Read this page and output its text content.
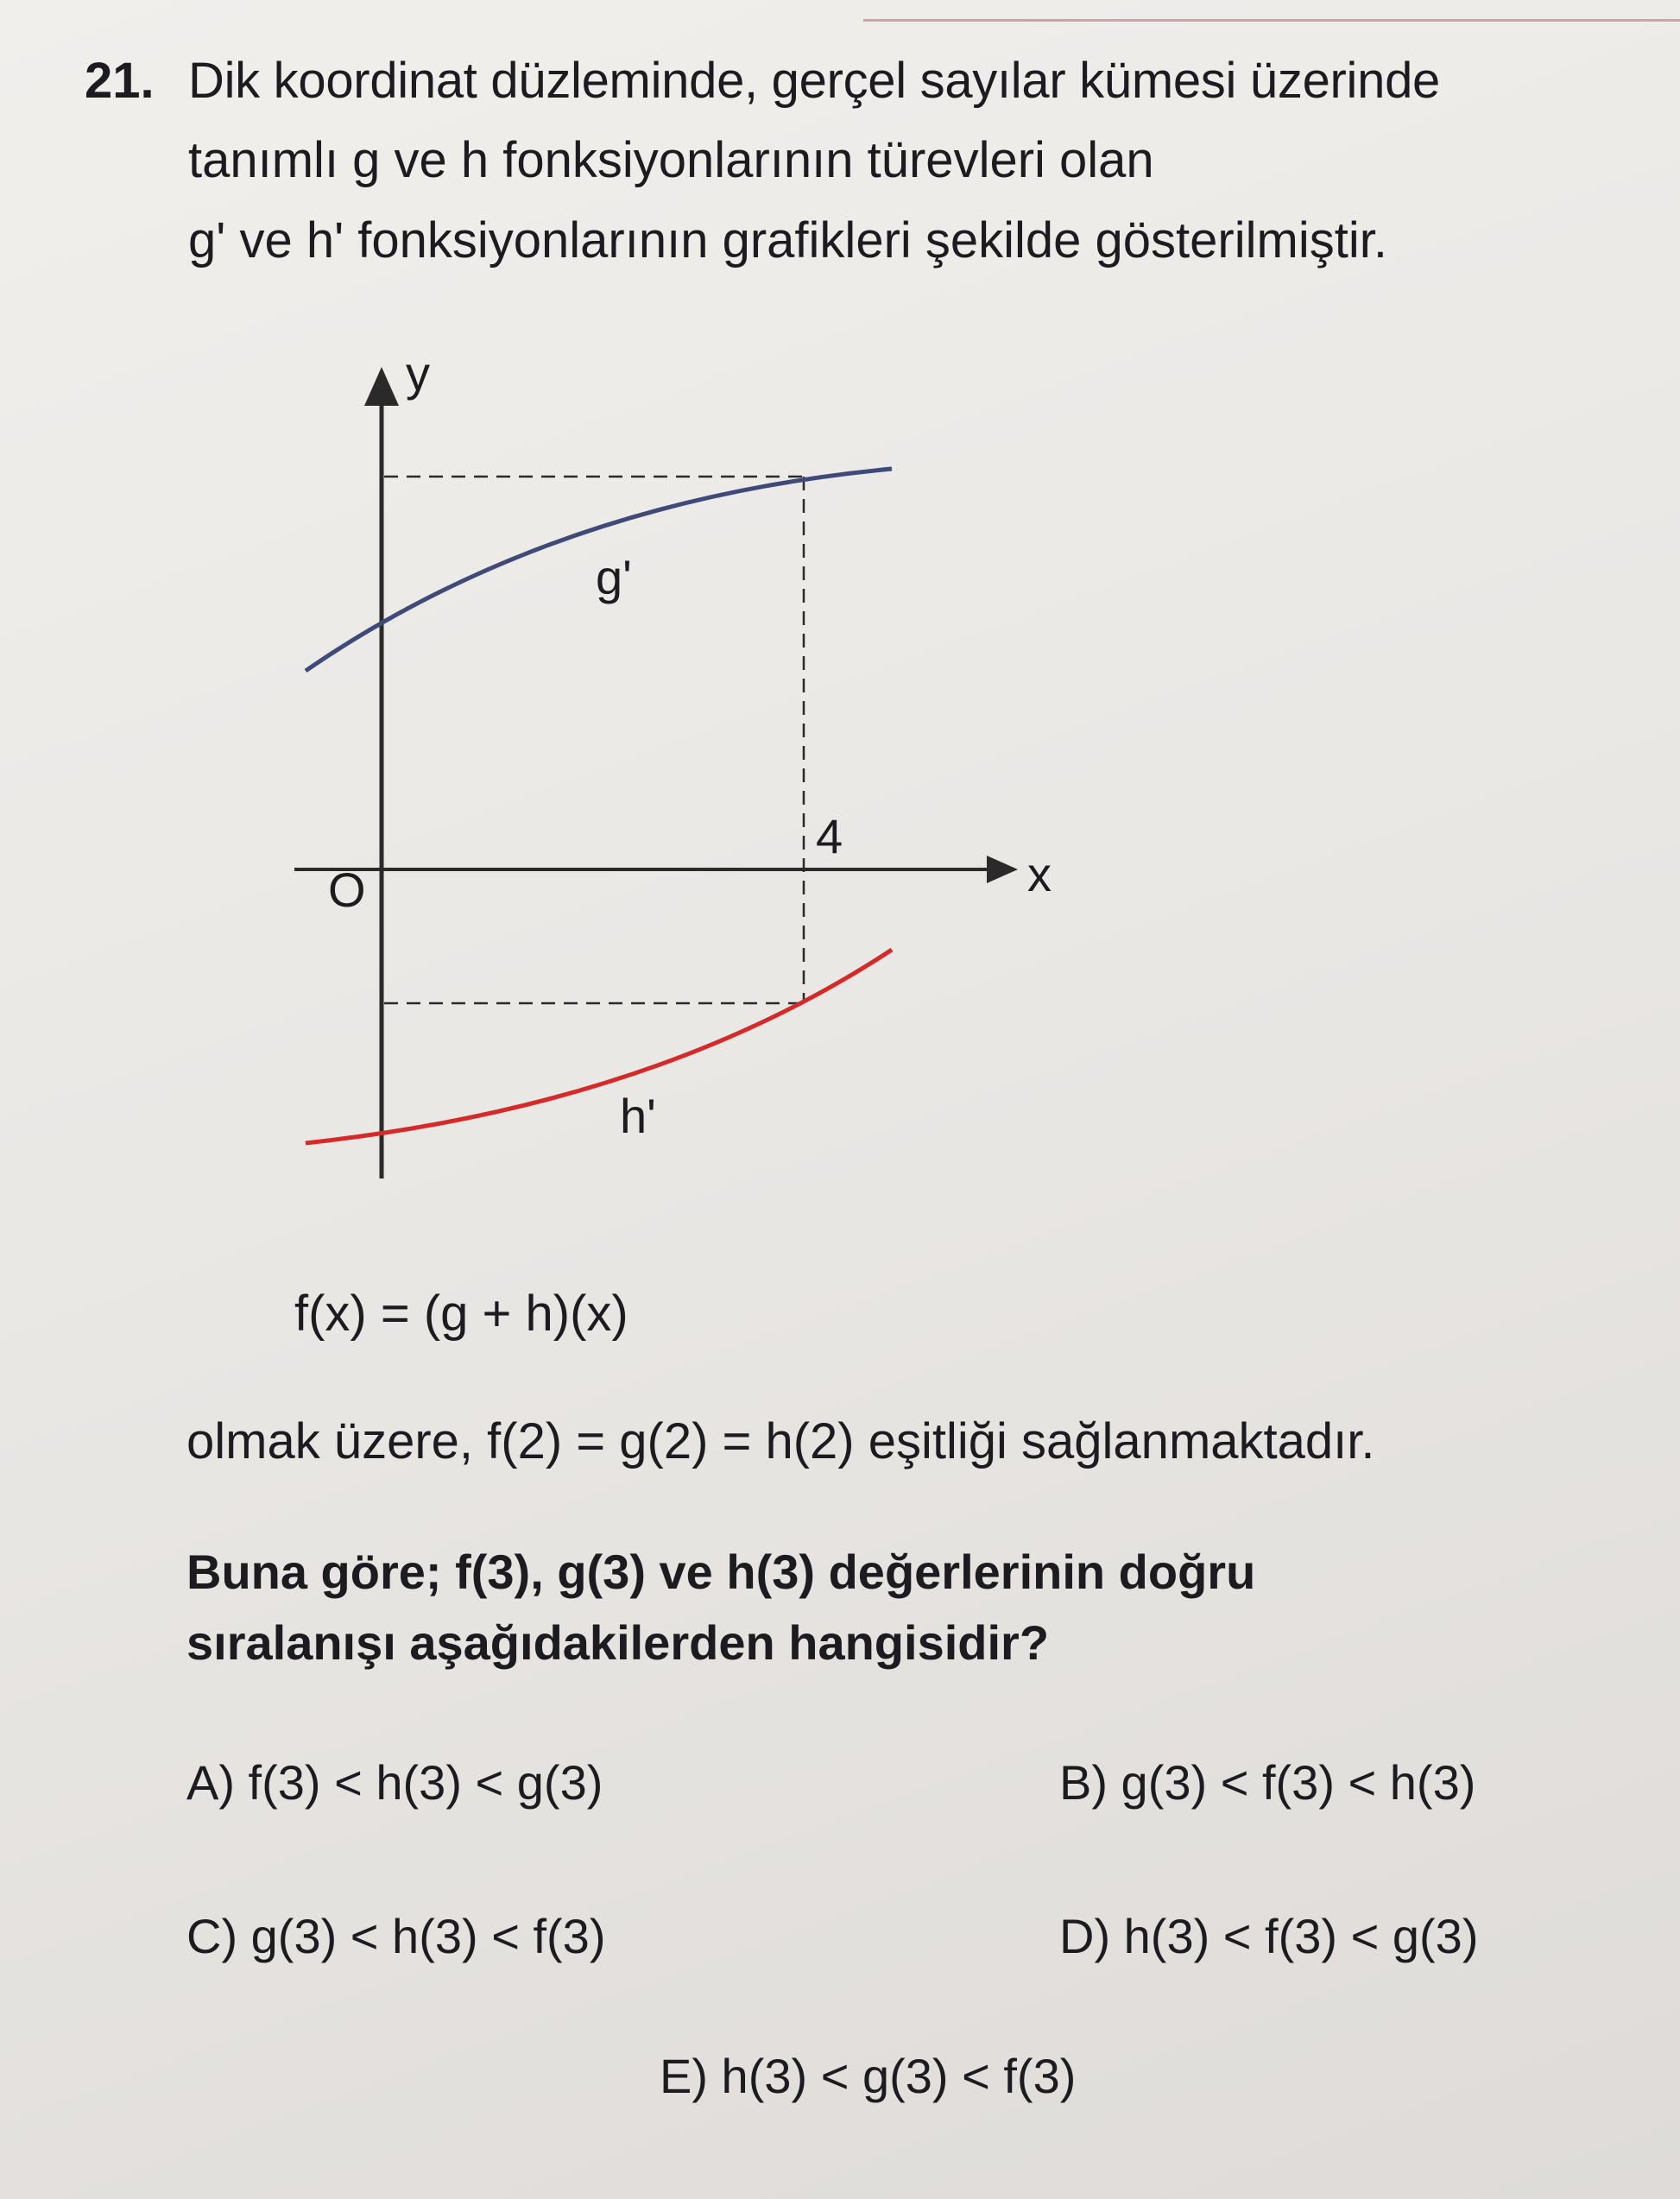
21. Dik koordinat düzleminde, gerçel sayılar kümesi üzerinde
tanımlı g ve h fonksiyonlarının türevleri olan
g' ve h' fonksiyonlarının grafikleri şekilde gösterilmiştir.
y
x
O
4
g'
h'
f(x) = (g + h)(x)
olmak üzere, f(2) = g(2) = h(2) eşitliği sağlanmaktadır.
Buna göre; f(3), g(3) ve h(3) değerlerinin doğru
sıralanışı aşağıdakilerden hangisidir?
A) f(3) < h(3) < g(3)	B) g(3) < f(3) < h(3)
C) g(3) < h(3) < f(3)	D) h(3) < f(3) < g(3)
E) h(3) < g(3) < f(3)
